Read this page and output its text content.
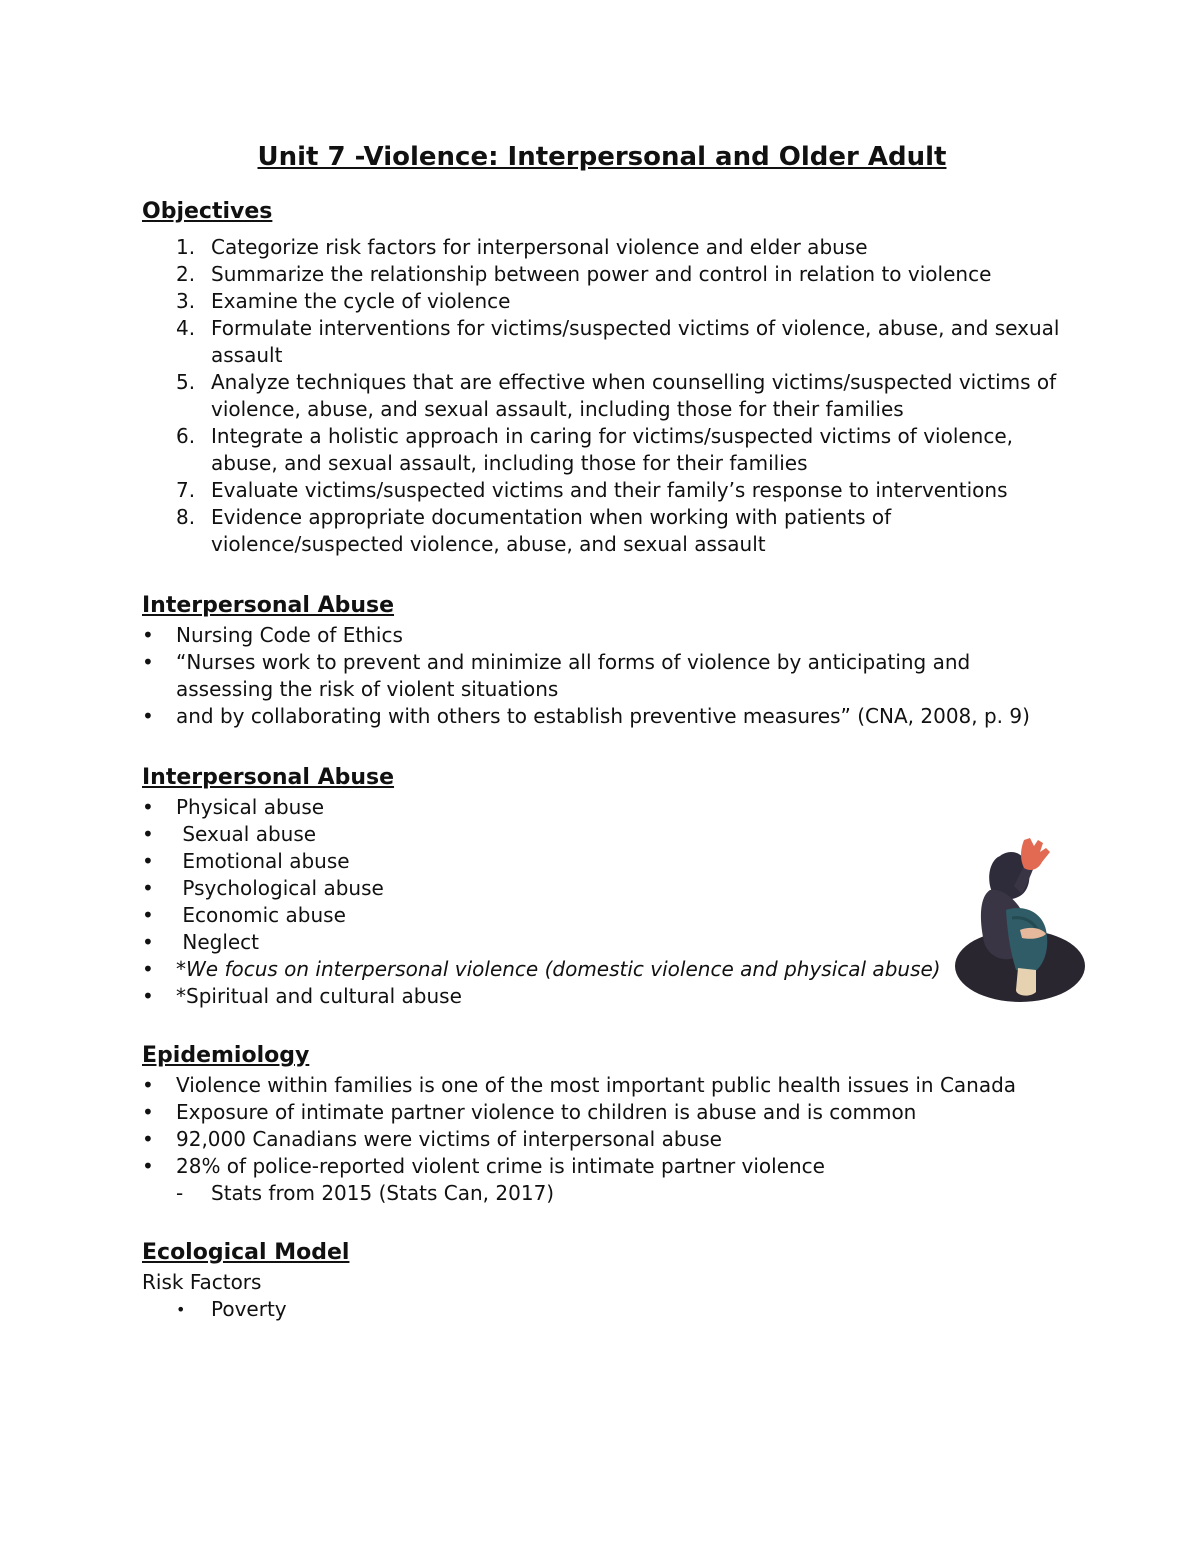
Unit 7 -Violence: Interpersonal and Older Adult
Objectives
1. Categorize risk factors for interpersonal violence and elder abuse
2. Summarize the relationship between power and control in relation to violence
3. Examine the cycle of violence
4. Formulate interventions for victims/suspected victims of violence, abuse, and sexual assault
5. Analyze techniques that are effective when counselling victims/suspected victims of violence, abuse, and sexual assault, including those for their families
6. Integrate a holistic approach in caring for victims/suspected victims of violence, abuse, and sexual assault, including those for their families
7. Evaluate victims/suspected victims and their family’s response to interventions
8. Evidence appropriate documentation when working with patients of violence/suspected violence, abuse, and sexual assault
Interpersonal Abuse
• Nursing Code of Ethics
• “Nurses work to prevent and minimize all forms of violence by anticipating and assessing the risk of violent situations
• and by collaborating with others to establish preventive measures” (CNA, 2008, p. 9)
Interpersonal Abuse
• Physical abuse
•  Sexual abuse
•  Emotional abuse
•  Psychological abuse
•  Economic abuse
•  Neglect
• *We focus on interpersonal violence (domestic violence and physical abuse)
• *Spiritual and cultural abuse
Epidemiology
• Violence within families is one of the most important public health issues in Canada
• Exposure of intimate partner violence to children is abuse and is common
• 92,000 Canadians were victims of interpersonal abuse
• 28% of police-reported violent crime is intimate partner violence
- Stats from 2015 (Stats Can, 2017)
Ecological Model

Risk Factors

• Poverty
